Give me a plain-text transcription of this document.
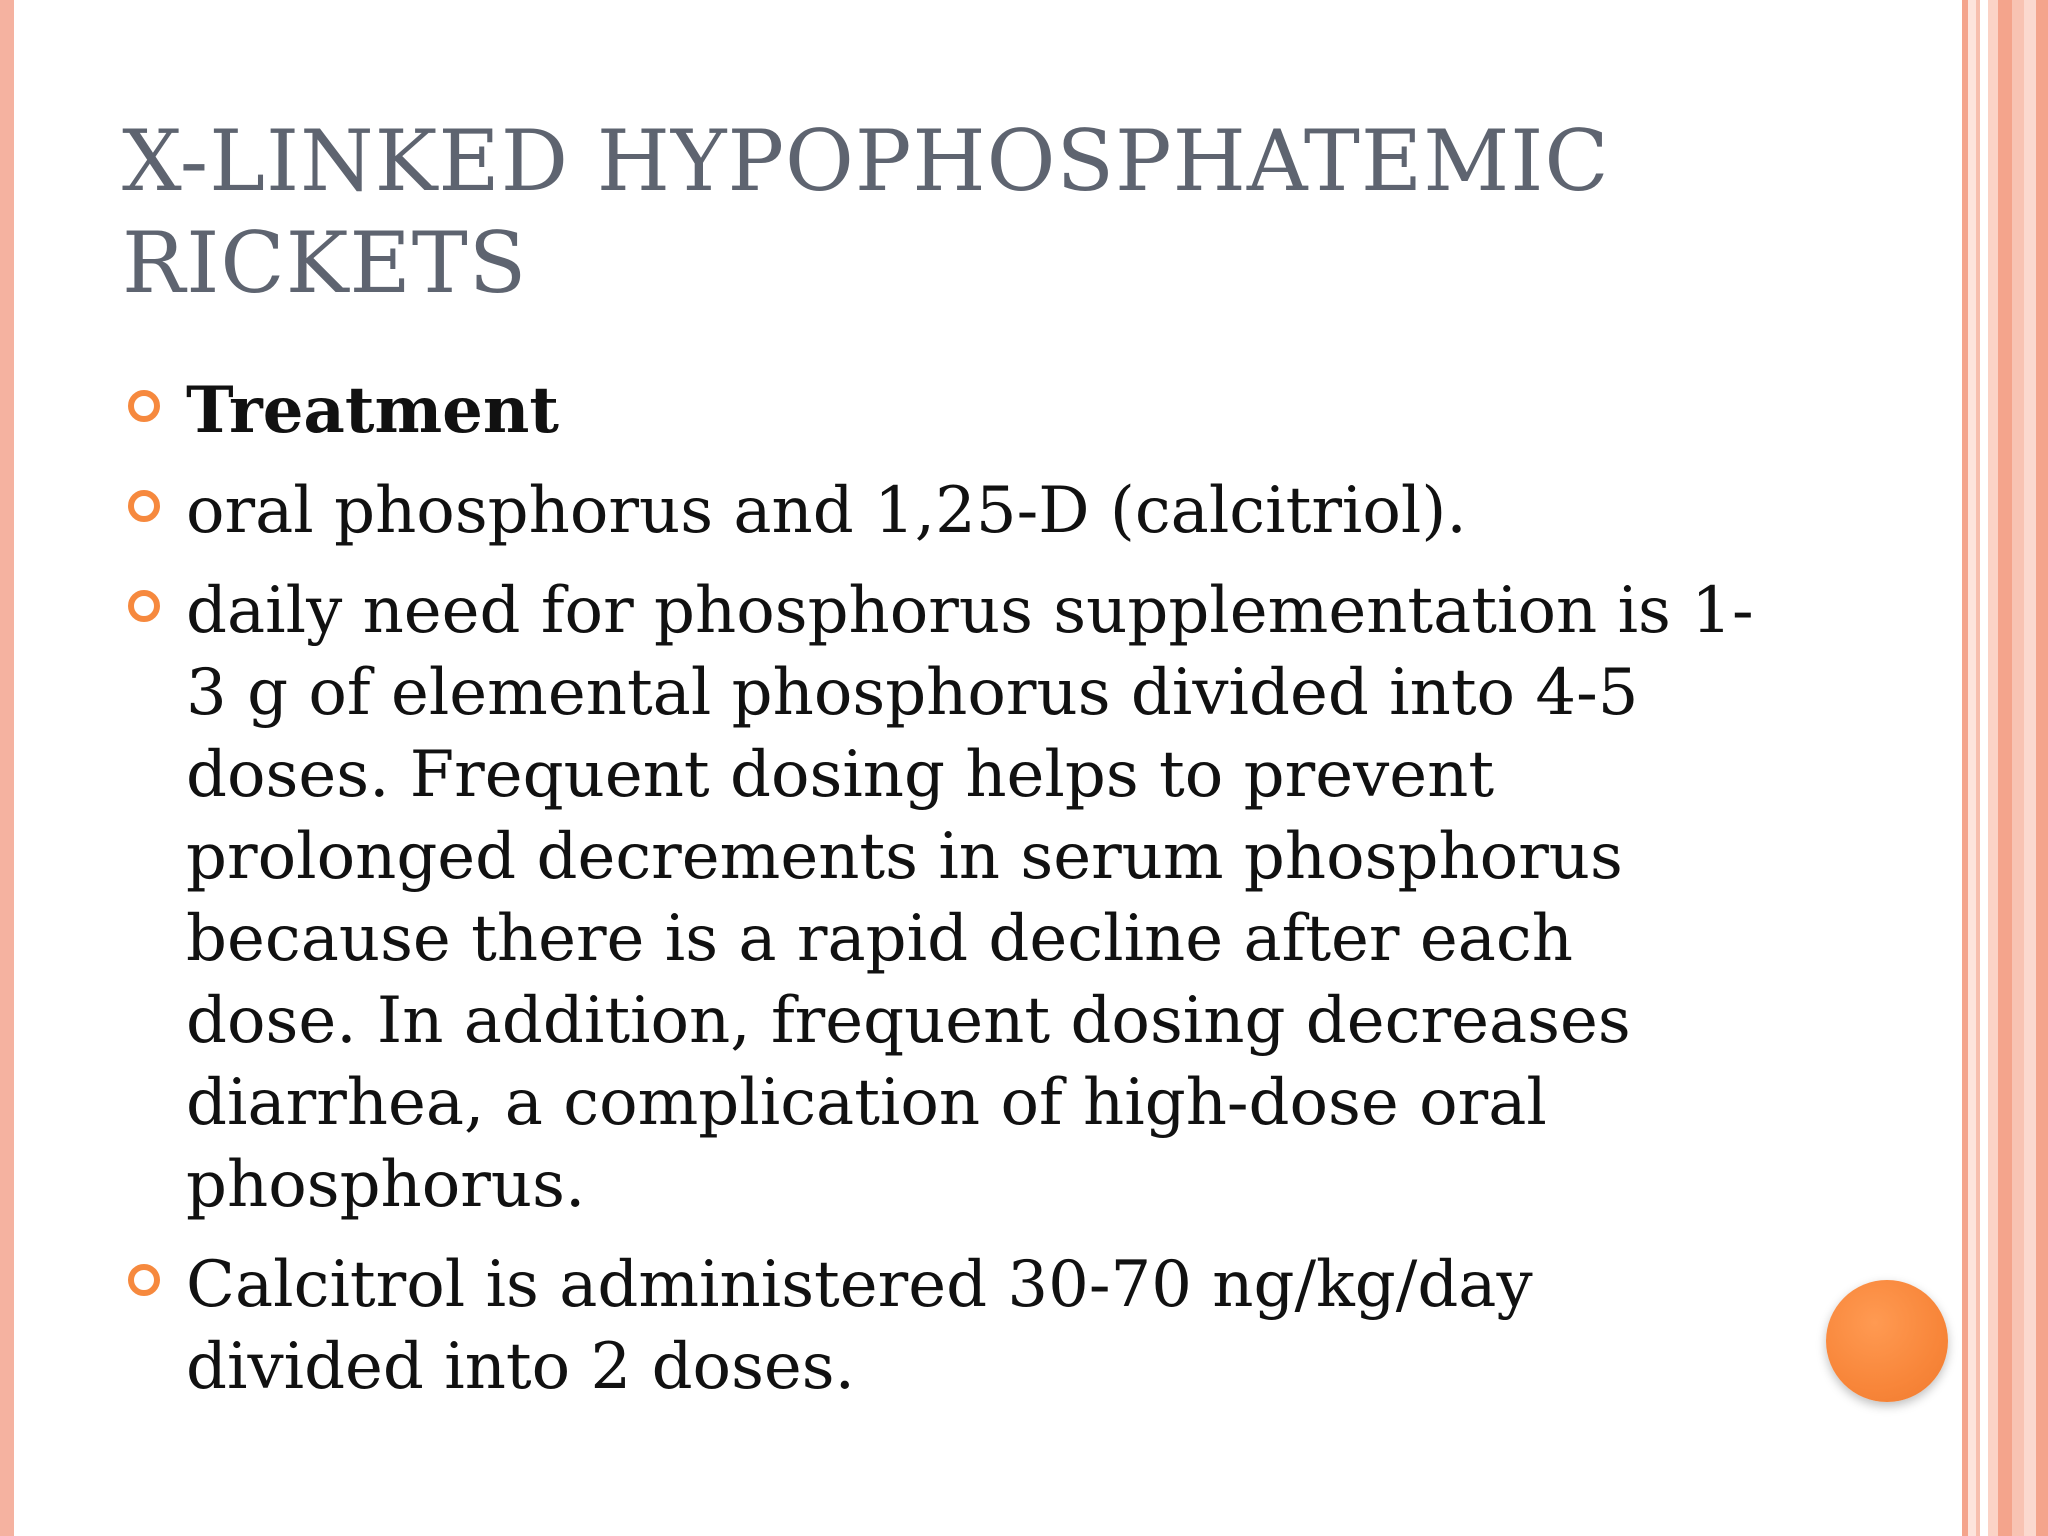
X-LINKED HYPOPHOSPHATEMIC
RICKETS
Treatment
oral phosphorus and 1,25-D (calcitriol).
daily need for phosphorus supplementation is 1-3 g of elemental phosphorus divided into 4-5 doses. Frequent dosing helps to prevent prolonged decrements in serum phosphorus because there is a rapid decline after each dose. In addition, frequent dosing decreases diarrhea, a complication of high-dose oral phosphorus.
Calcitrol is administered 30-70 ng/kg/day divided into 2 doses.
